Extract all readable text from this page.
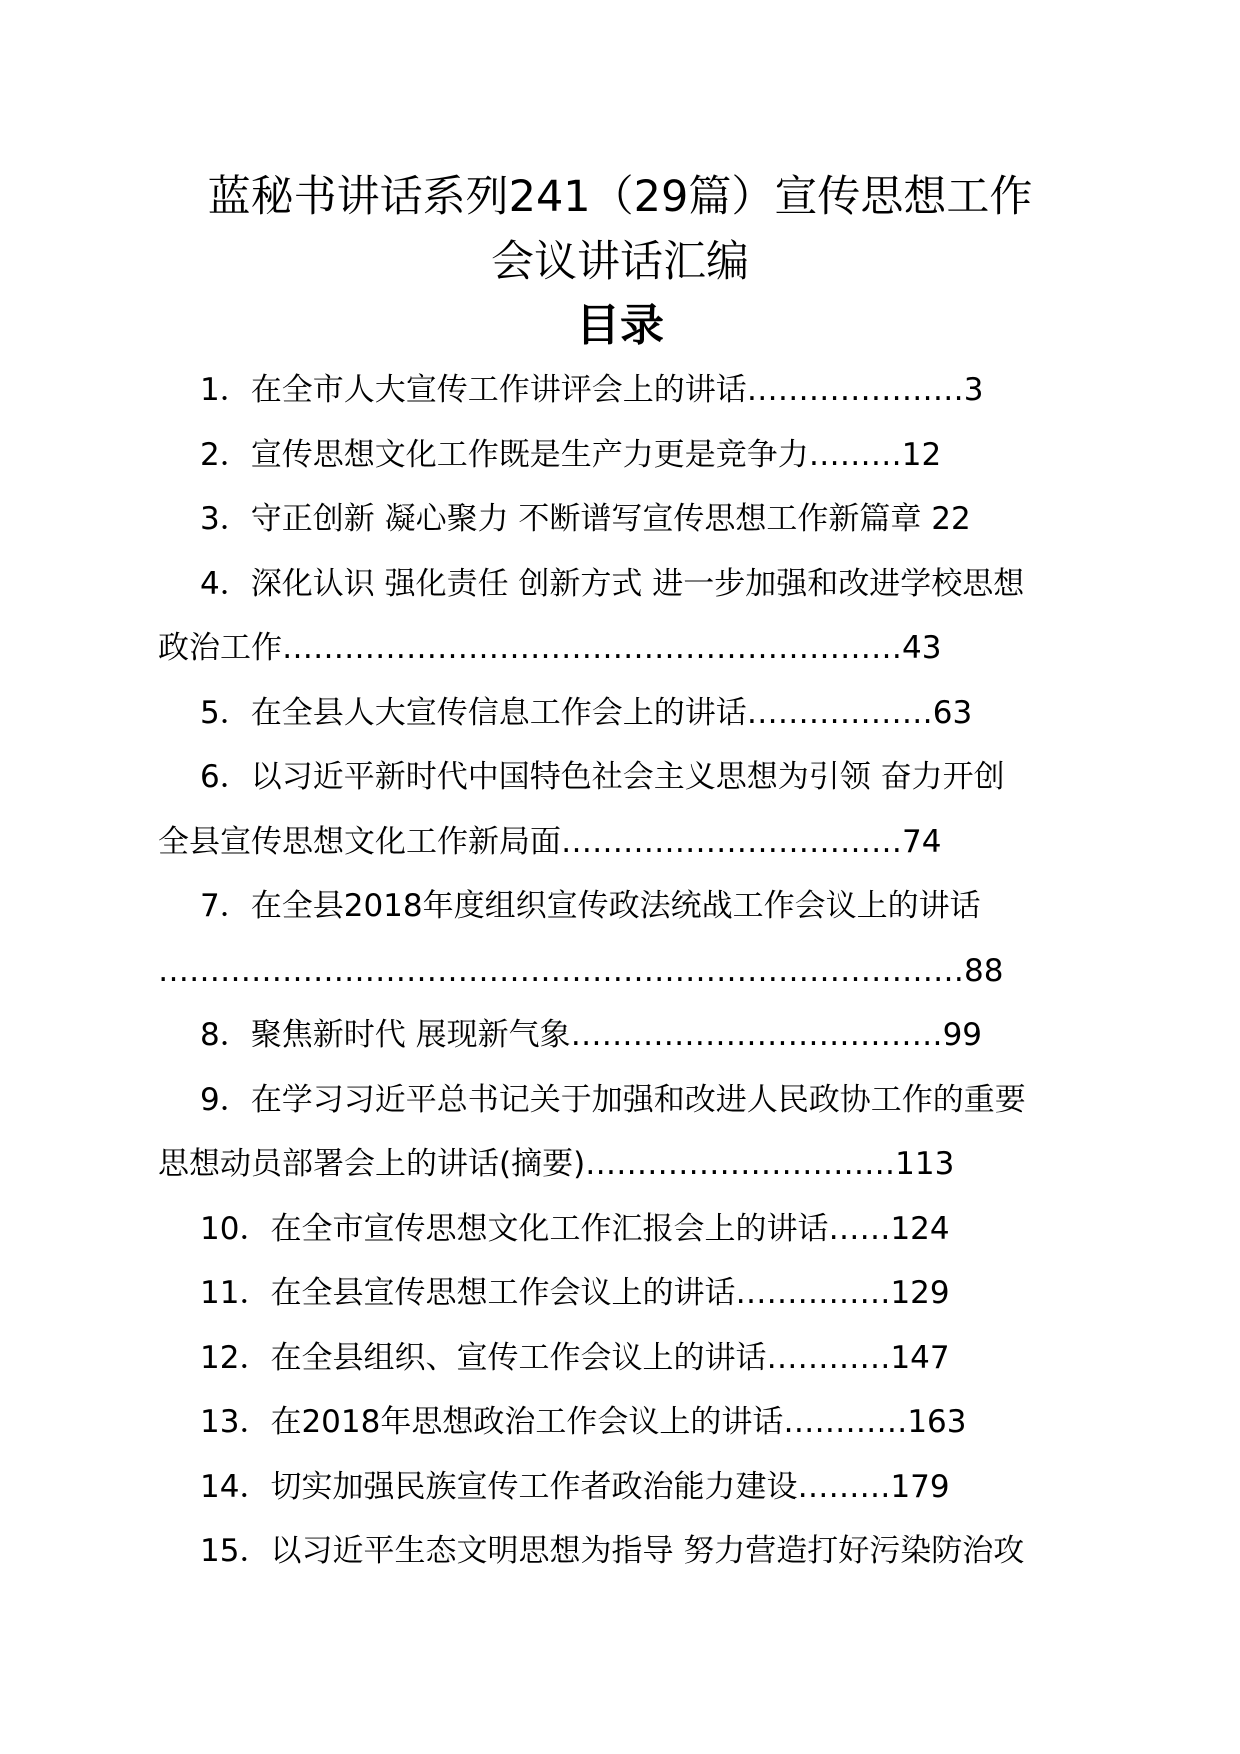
蓝秘书讲话系列241（29篇）宣传思想工作
会议讲话汇编
目录
1．在全市人大宣传工作讲评会上的讲话…………………3
2．宣传思想文化工作既是生产力更是竞争力………12
3．守正创新 凝心聚力 不断谱写宣传思想工作新篇章 22
4．深化认识 强化责任 创新方式 进一步加强和改进学校思想
政治工作……………………………………………………43
5．在全县人大宣传信息工作会上的讲话………………63
6．以习近平新时代中国特色社会主义思想为引领 奋力开创
全县宣传思想文化工作新局面……………………………74
7．在全县2018年度组织宣传政法统战工作会议上的讲话
……………………………………………………………………88
8．聚焦新时代 展现新气象………………………………99
9．在学习习近平总书记关于加强和改进人民政协工作的重要
思想动员部署会上的讲话(摘要)…………………………113
10．在全市宣传思想文化工作汇报会上的讲话……124
11．在全县宣传思想工作会议上的讲话……………129
12．在全县组织、宣传工作会议上的讲话…………147
13．在2018年思想政治工作会议上的讲话…………163
14．切实加强民族宣传工作者政治能力建设………179
15．以习近平生态文明思想为指导 努力营造打好污染防治攻
